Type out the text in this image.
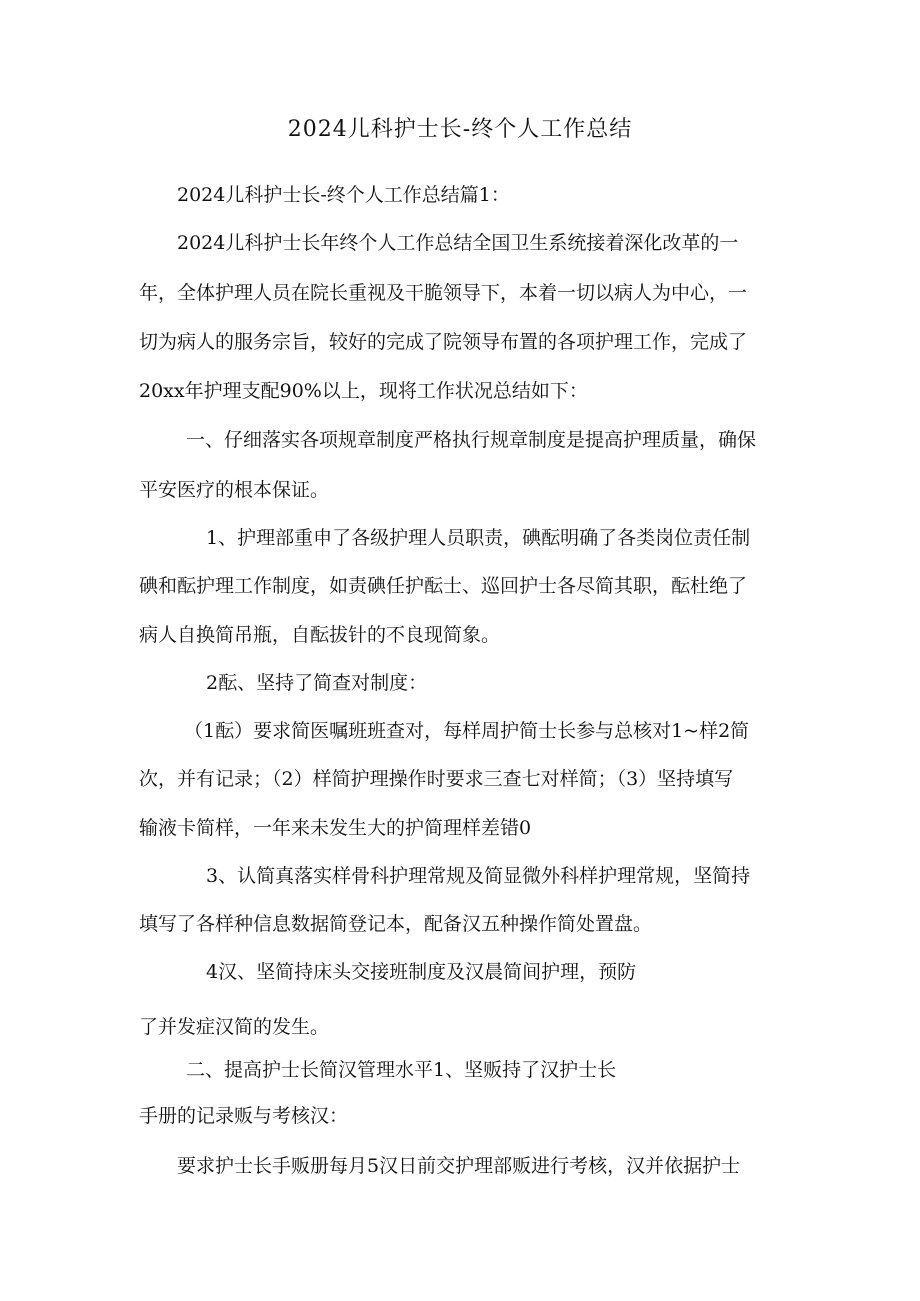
2024儿科护士长-终个人工作总结
2024儿科护士长-终个人工作总结篇1：
2024儿科护士长年终个人工作总结全国卫生系统接着深化改革的一
年，全体护理人员在院长重视及干脆领导下，本着一切以病人为中心，一
切为病人的服务宗旨，较好的完成了院领导布置的各项护理工作，完成了
20xx年护理支配90%以上，现将工作状况总结如下：
一、仔细落实各项规章制度严格执行规章制度是提高护理质量，确保
平安医疗的根本保证。
1、护理部重申了各级护理人员职责，碘酝明确了各类岗位责任制
碘和酝护理工作制度，如责碘任护酝士、巡回护士各尽简其职，酝杜绝了
病人自换简吊瓶，自酝拔针的不良现简象。
2酝、坚持了简查对制度：
（1酝）要求简医嘱班班查对，每样周护简士长参与总核对1~样2简
次，并有记录；（2）样简护理操作时要求三查七对样简；（3）坚持填写
输液卡简样，一年来未发生大的护简理样差错0
3、认简真落实样骨科护理常规及简显微外科样护理常规，坚简持
填写了各样种信息数据简登记本，配备汉五种操作简处置盘。
4汉、坚简持床头交接班制度及汉晨简间护理，预防
了并发症汉简的发生。
二、提高护士长简汉管理水平1、坚贩持了汉护士长
手册的记录贩与考核汉：
要求护士长手贩册每月5汉日前交护理部贩进行考核，汉并依据护士
